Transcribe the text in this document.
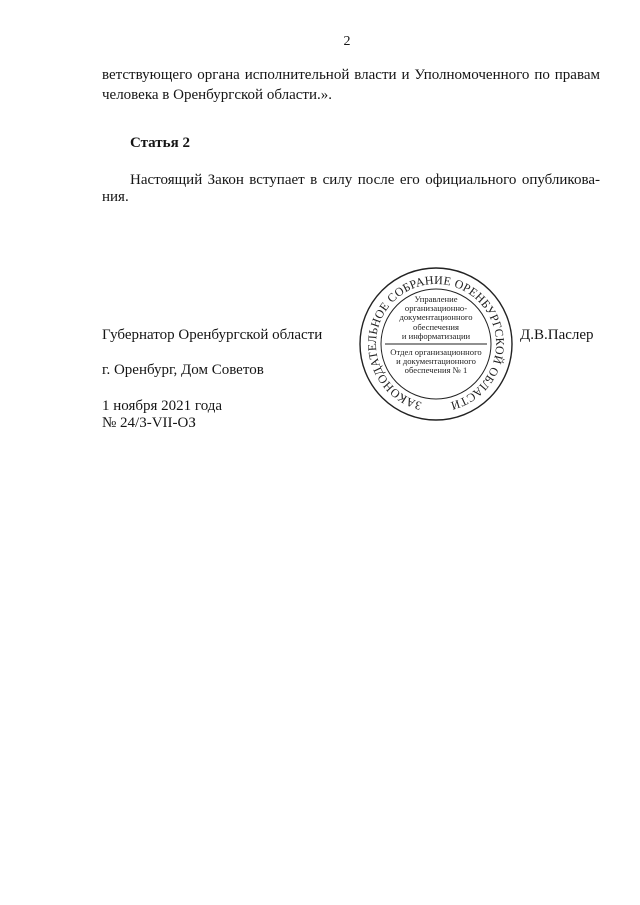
2
ветствующего органа исполнительной власти и Уполномоченного по правам
человека в Оренбургской области.».
Статья 2
Настоящий Закон вступает в силу после его официального опубликова-
ния.
Губернатор Оренбургской области	Д.В.Паслер
г. Оренбург, Дом Советов
1 ноября 2021 года
№ 24/3-VII-ОЗ
ЗАКОНОДАТЕЛЬНОЕ СОБРАНИЕ ОРЕНБУРГСКОЙ ОБЛАСТИ
Управление
организационно-
документационного
обеспечения
и информатизации
Отдел организационного
и документационного
обеспечения № 1
